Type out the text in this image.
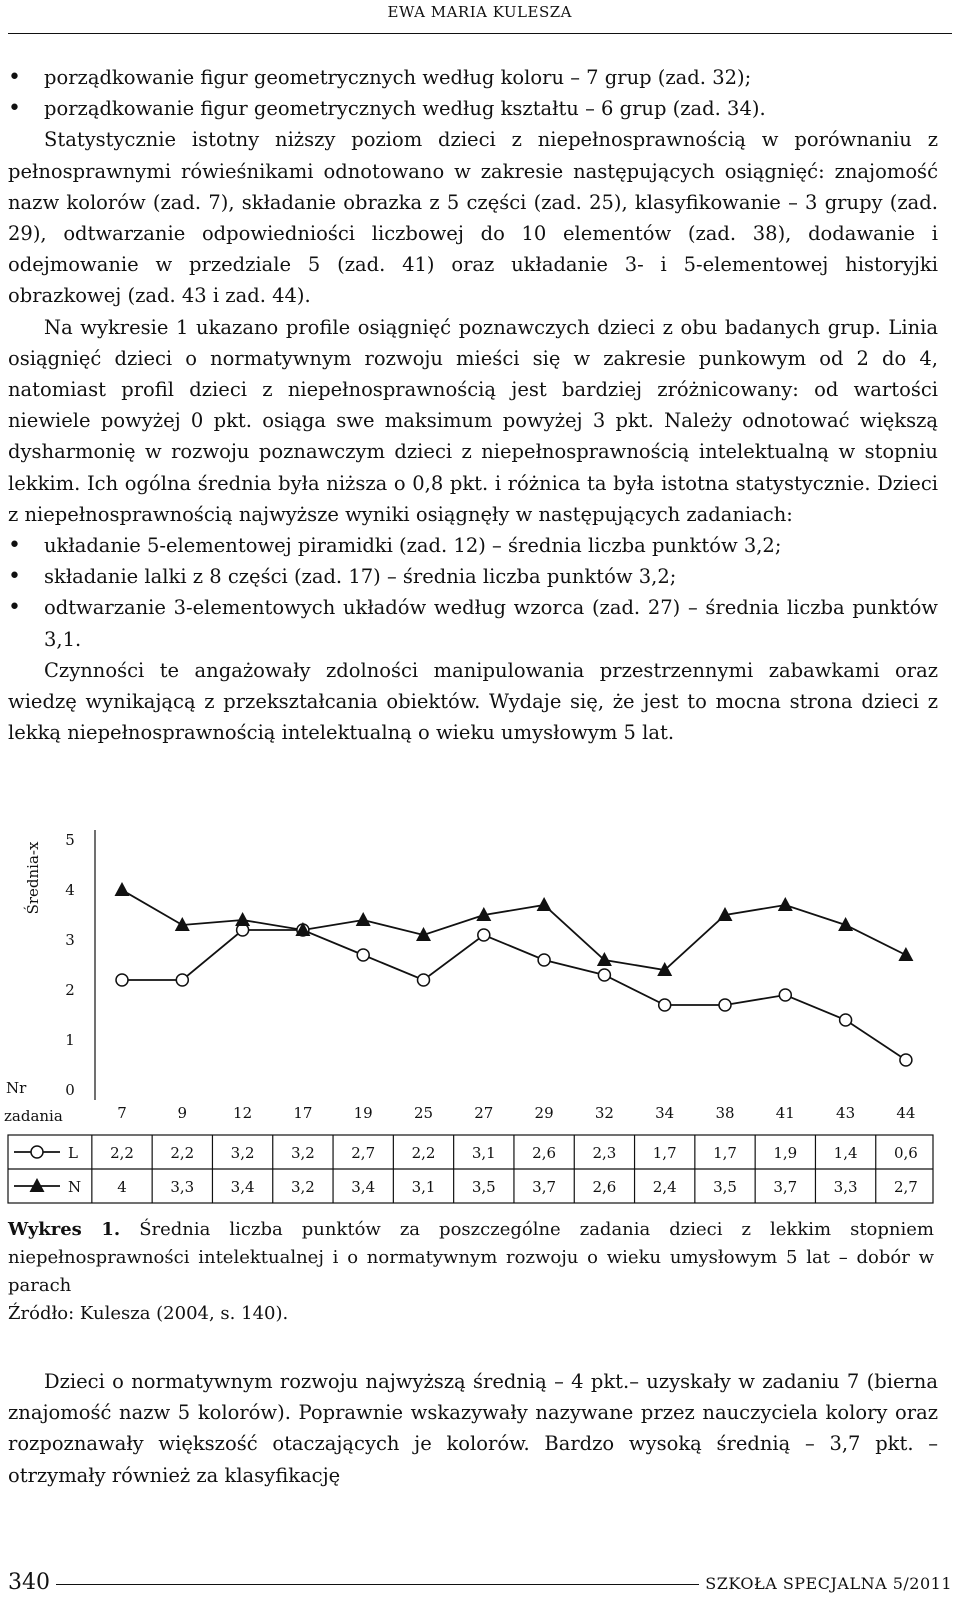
EWA MARIA KULESZA
• porządkowanie figur geometrycznych według koloru – 7 grup (zad. 32);
• porządkowanie figur geometrycznych według kształtu – 6 grup (zad. 34).

Statystycznie istotny niższy poziom dzieci z niepełnosprawnością w porównaniu z pełnosprawnymi rówieśnikami odnotowano w zakresie następujących osiągnięć: znajomość nazw kolorów (zad. 7), składanie obrazka z 5 części (zad. 25), klasyfikowanie – 3 grupy (zad. 29), odtwarzanie odpowiedniości liczbowej do 10 elementów (zad. 38), dodawanie i odejmowanie w przedziale 5 (zad. 41) oraz układanie 3- i 5-elementowej historyjki obrazkowej (zad. 43 i zad. 44).

Na wykresie 1 ukazano profile osiągnięć poznawczych dzieci z obu badanych grup. Linia osiągnięć dzieci o normatywnym rozwoju mieści się w zakresie punkowym od 2 do 4, natomiast profil dzieci z niepełnosprawnością jest bardziej zróżnicowany: od wartości niewiele powyżej 0 pkt. osiąga swe maksimum powyżej 3 pkt. Należy odnotować większą dysharmonię w rozwoju poznawczym dzieci z niepełnosprawnością intelektualną w stopniu lekkim. Ich ogólna średnia była niższa o 0,8 pkt. i różnica ta była istotna statystycznie. Dzieci z niepełnosprawnością najwyższe wyniki osiągnęły w następujących zadaniach:

• układanie 5-elementowej piramidki (zad. 12) – średnia liczba punktów 3,2;
• składanie lalki z 8 części (zad. 17) – średnia liczba punktów 3,2;
• odtwarzanie 3-elementowych układów według wzorca (zad. 27) – średnia liczba punktów 3,1.

Czynności te angażowały zdolności manipulowania przestrzennymi zabawkami oraz wiedzę wynikającą z przekształcania obiektów. Wydaje się, że jest to mocna strona dzieci z lekką niepełnosprawnością intelektualną o wieku umysłowym 5 lat.

Średnia-x
0
1
2
3
4
5
Nr
zadania	7	9	12	17	19	25	27	29	32	34	38	41	43	44
L 2,2 2,2 3,2 3,2 2,7 2,2 3,1 2,6 2,3 1,7 1,7 1,9 1,4 0,6
N 4	3,3 3,4 3,2 3,4 3,1 3,5 3,7 2,6 2,4 3,5 3,7 3,3 2,7

Wykres 1. Średnia liczba punktów za poszczególne zadania dzieci z lekkim stopniem niepełnosprawności intelektualnej i o normatywnym rozwoju o wieku umysłowym 5 lat – dobór w parach

Źródło: Kulesza (2004, s. 140).

Dzieci o normatywnym rozwoju najwyższą średnią – 4 pkt.– uzyskały w zadaniu 7 (bierna znajomość nazw 5 kolorów). Poprawnie wskazywały nazywane przez nauczyciela kolory oraz rozpoznawały większość otaczających je kolorów. Bardzo wysoką średnią – 3,7 pkt. – otrzymały również za klasyfikację

340	SZKOŁA SPECJALNA 5/2011
